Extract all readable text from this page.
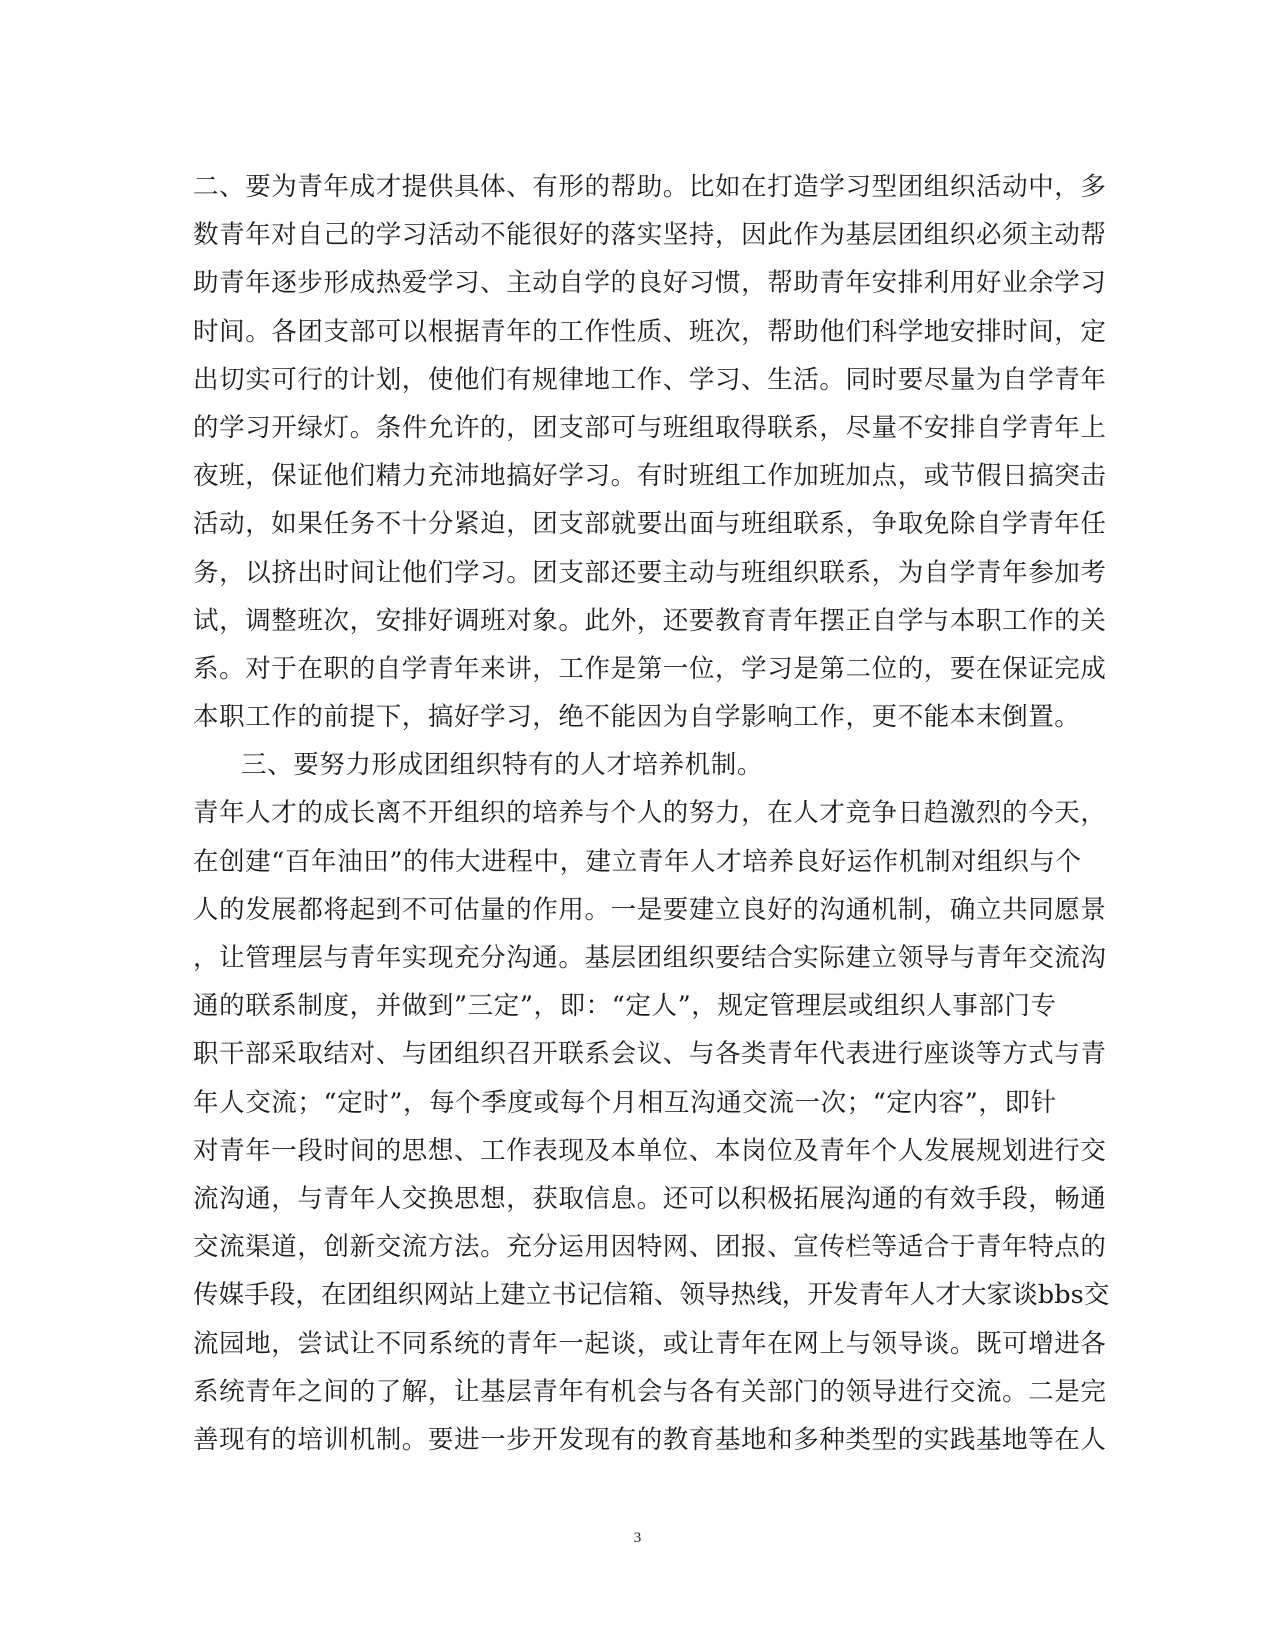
二、要为青年成才提供具体、有形的帮助。比如在打造学习型团组织活动中，多
数青年对自己的学习活动不能很好的落实坚持，因此作为基层团组织必须主动帮
助青年逐步形成热爱学习、主动自学的良好习惯，帮助青年安排利用好业余学习
时间。各团支部可以根据青年的工作性质、班次，帮助他们科学地安排时间，定
出切实可行的计划，使他们有规律地工作、学习、生活。同时要尽量为自学青年
的学习开绿灯。条件允许的，团支部可与班组取得联系，尽量不安排自学青年上
夜班，保证他们精力充沛地搞好学习。有时班组工作加班加点，或节假日搞突击
活动，如果任务不十分紧迫，团支部就要出面与班组联系，争取免除自学青年任
务，以挤出时间让他们学习。团支部还要主动与班组织联系，为自学青年参加考
试，调整班次，安排好调班对象。此外，还要教育青年摆正自学与本职工作的关
系。对于在职的自学青年来讲，工作是第一位，学习是第二位的，要在保证完成
本职工作的前提下，搞好学习，绝不能因为自学影响工作，更不能本末倒置。
三、要努力形成团组织特有的人才培养机制。
青年人才的成长离不开组织的培养与个人的努力，在人才竞争日趋激烈的今天，
在创建“百年油田”的伟大进程中，建立青年人才培养良好运作机制对组织与个
人的发展都将起到不可估量的作用。一是要建立良好的沟通机制，确立共同愿景
，让管理层与青年实现充分沟通。基层团组织要结合实际建立领导与青年交流沟
通的联系制度，并做到”三定”，即：“定人”，规定管理层或组织人事部门专
职干部采取结对、与团组织召开联系会议、与各类青年代表进行座谈等方式与青
年人交流；“定时”，每个季度或每个月相互沟通交流一次；“定内容”，即针
对青年一段时间的思想、工作表现及本单位、本岗位及青年个人发展规划进行交
流沟通，与青年人交换思想，获取信息。还可以积极拓展沟通的有效手段，畅通
交流渠道，创新交流方法。充分运用因特网、团报、宣传栏等适合于青年特点的
传媒手段，在团组织网站上建立书记信箱、领导热线，开发青年人才大家谈bbs交
流园地，尝试让不同系统的青年一起谈，或让青年在网上与领导谈。既可增进各
系统青年之间的了解，让基层青年有机会与各有关部门的领导进行交流。二是完
善现有的培训机制。要进一步开发现有的教育基地和多种类型的实践基地等在人
3
